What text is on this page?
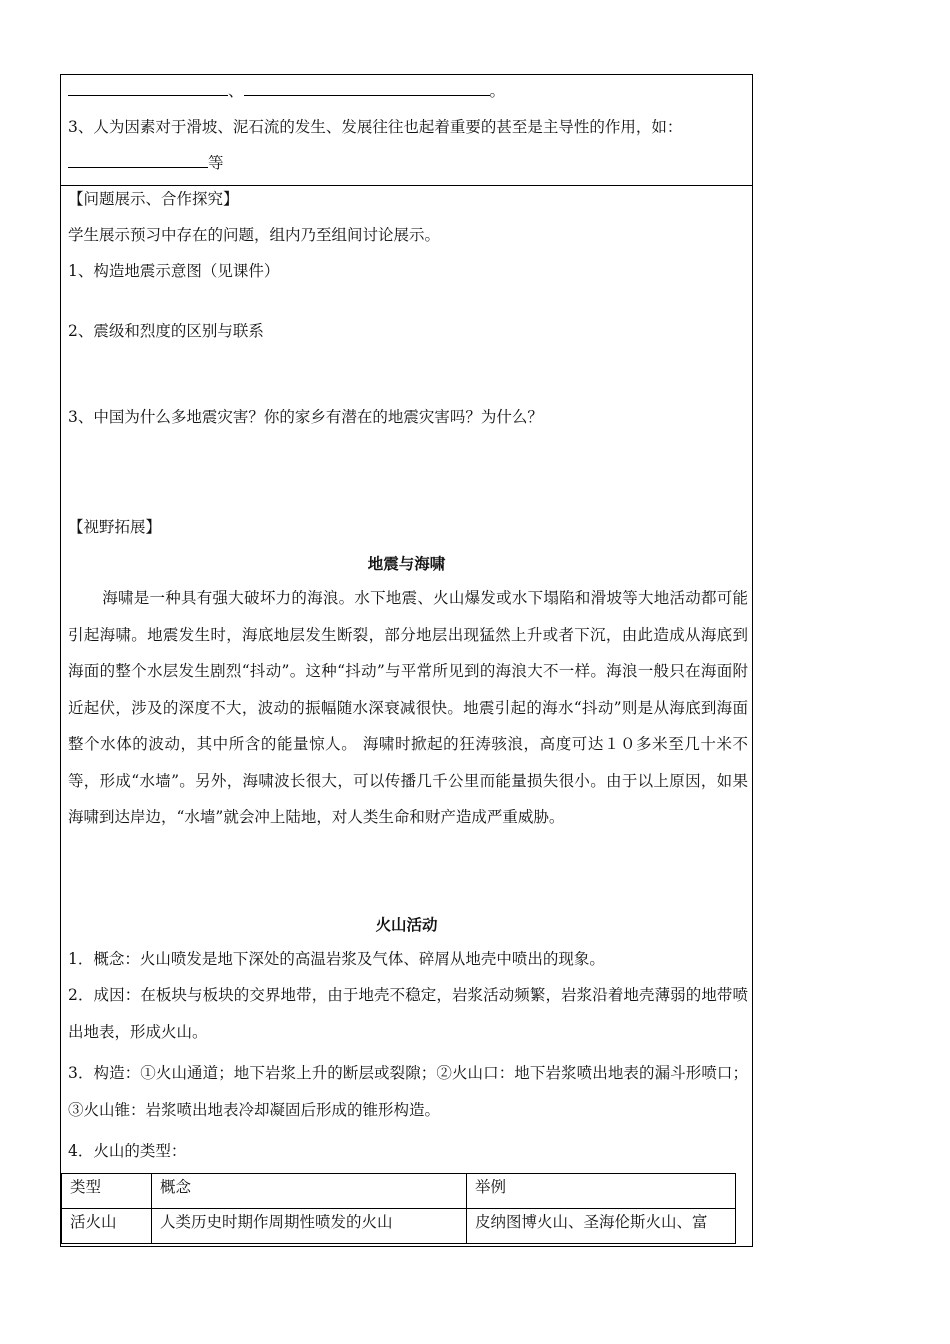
、	。
3、人为因素对于滑坡、泥石流的发生、发展往往也起着重要的甚至是主导性的作用，如：
等
【问题展示、合作探究】
学生展示预习中存在的问题，组内乃至组间讨论展示。
1、构造地震示意图（见课件）
2、震级和烈度的区别与联系
3、中国为什么多地震灾害？你的家乡有潜在的地震灾害吗？为什么？
【视野拓展】
地震与海啸
海啸是一种具有强大破坏力的海浪。水下地震、火山爆发或水下塌陷和滑坡等大地活动都可能引起海啸。地震发生时，海底地层发生断裂，部分地层出现猛然上升或者下沉，由此造成从海底到海面的整个水层发生剧烈“抖动”。这种“抖动”与平常所见到的海浪大不一样。海浪一般只在海面附近起伏，涉及的深度不大，波动的振幅随水深衰减很快。地震引起的海水“抖动”则是从海底到海面整个水体的波动，其中所含的能量惊人。 海啸时掀起的狂涛骇浪，高度可达１０多米至几十米不等，形成“水墙”。另外，海啸波长很大，可以传播几千公里而能量损失很小。由于以上原因，如果海啸到达岸边，“水墙”就会冲上陆地，对人类生命和财产造成严重威胁。
火山活动
1．概念：火山喷发是地下深处的高温岩浆及气体、碎屑从地壳中喷出的现象。
2．成因：在板块与板块的交界地带，由于地壳不稳定，岩浆活动频繁，岩浆沿着地壳薄弱的地带喷出地表，形成火山。
3．构造：①火山通道；地下岩浆上升的断层或裂隙；②火山口：地下岩浆喷出地表的漏斗形喷口；③火山锥：岩浆喷出地表冷却凝固后形成的锥形构造。
4．火山的类型：
类型	概念	举例
活火山	人类历史时期作周期性喷发的火山	皮纳图博火山、圣海伦斯火山、富
